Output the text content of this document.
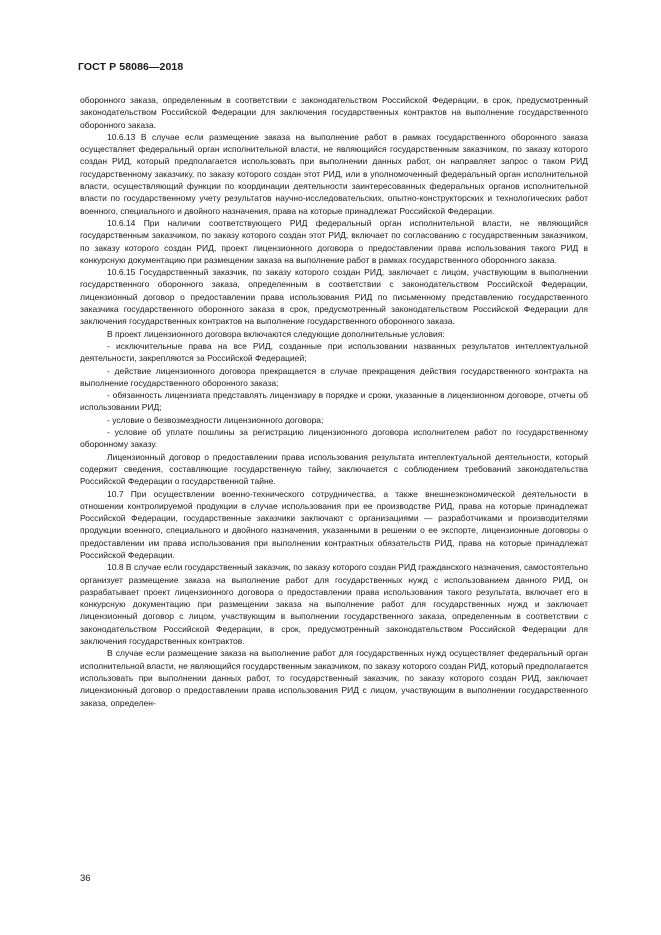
ГОСТ Р 58086—2018

оборонного заказа, определенным в соответствии с законодательством Российской Федерации, в срок, предусмотренный законодательством Российской Федерации для заключения государственных контрактов на выполнение государственного оборонного заказа.

10.6.13 В случае если размещение заказа на выполнение работ в рамках государственного оборонного заказа осуществляет федеральный орган исполнительной власти, не являющийся государственным заказчиком, по заказу которого создан РИД, который предполагается использовать при выполнении данных работ, он направляет запрос о таком РИД государственному заказчику, по заказу которого создан этот РИД, или в уполномоченный федеральный орган исполнительной власти, осуществляющий функции по координации деятельности заинтересованных федеральных органов исполнительной власти по государственному учету результатов научно-исследовательских, опытно-конструкторских и технологических работ военного, специального и двойного назначения, права на которые принадлежат Российской Федерации.

10.6.14 При наличии соответствующего РИД федеральный орган исполнительной власти, не являющийся государственным заказчиком, по заказу которого создан этот РИД, включает по согласованию с государственным заказчиком, по заказу которого создан РИД, проект лицензионного договора о предоставлении права использования такого РИД в конкурсную документацию при размещении заказа на выполнение работ в рамках государственного оборонного заказа.

10.6.15 Государственный заказчик, по заказу которого создан РИД, заключает с лицом, участвующим в выполнении государственного оборонного заказа, определенным в соответствии с законодательством Российской Федерации, лицензионный договор о предоставлении права использования РИД по письменному представлению государственного заказчика государственного оборонного заказа в срок, предусмотренный законодательством Российской Федерации для заключения государственных контрактов на выполнение государственного оборонного заказа.

В проект лицензионного договора включаются следующие дополнительные условия:

- исключительные права на все РИД, созданные при использовании названных результатов интеллектуальной деятельности, закрепляются за Российской Федерацией;

- действие лицензионного договора прекращается в случае прекращения действия государственного контракта на выполнение государственного оборонного заказа;

- обязанность лицензиата представлять лицензиару в порядке и сроки, указанные в лицензионном договоре, отчеты об использовании РИД;

- условие о безвозмездности лицензионного договора;

- условие об уплате пошлины за регистрацию лицензионного договора исполнителем работ по государственному оборонному заказу.

Лицензионный договор о предоставлении права использования результата интеллектуальной деятельности, который содержит сведения, составляющие государственную тайну, заключается с соблюдением требований законодательства Российской Федерации о государственной тайне.

10.7 При осуществлении военно-технического сотрудничества, а также внешнеэкономической деятельности в отношении контролируемой продукции в случае использования при ее производстве РИД, права на которые принадлежат Российской Федерации, государственные заказчики заключают с организациями — разработчиками и производителями продукции военного, специального и двойного назначения, указанными в решении о ее экспорте, лицензионные договоры о предоставлении им права использования при выполнении контрактных обязательств РИД, права на которые принадлежат Российской Федерации.

10.8 В случае если государственный заказчик, по заказу которого создан РИД гражданского назначения, самостоятельно организует размещение заказа на выполнение работ для государственных нужд с использованием данного РИД, он разрабатывает проект лицензионного договора о предоставлении права использования такого результата, включает его в конкурсную документацию при размещении заказа на выполнение работ для государственных нужд и заключает лицензионный договор с лицом, участвующим в выполнении государственного заказа, определенным в соответствии с законодательством Российской Федерации, в срок, предусмотренный законодательством Российской Федерации для заключения государственных контрактов.

В случае если размещение заказа на выполнение работ для государственных нужд осуществляет федеральный орган исполнительной власти, не являющийся государственным заказчиком, по заказу которого создан РИД, который предполагается использовать при выполнении данных работ, то государственный заказчик, по заказу которого создан РИД, заключает лицензионный договор о предоставлении права использования РИД с лицом, участвующим в выполнении государственного заказа, определен-

36
